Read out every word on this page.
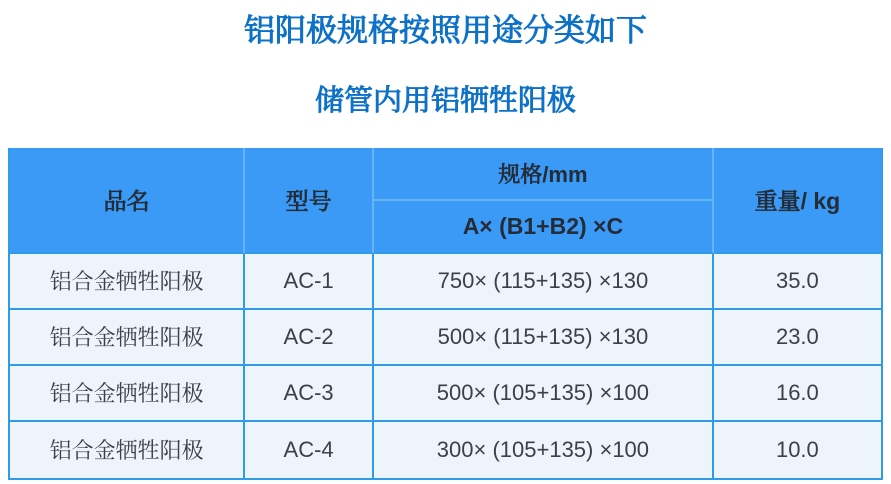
铝阳极规格按照用途分类如下
储管内用铝牺牲阳极
品名	型号	规格/mm	重量/ kg
		A× (B1+B2) ×C	
铝合金牺牲阳极	AC-1	750× (115+135) ×130	35.0
铝合金牺牲阳极	AC-2	500× (115+135) ×130	23.0
铝合金牺牲阳极	AC-3	500× (105+135) ×100	16.0
铝合金牺牲阳极	AC-4	300× (105+135) ×100	10.0
